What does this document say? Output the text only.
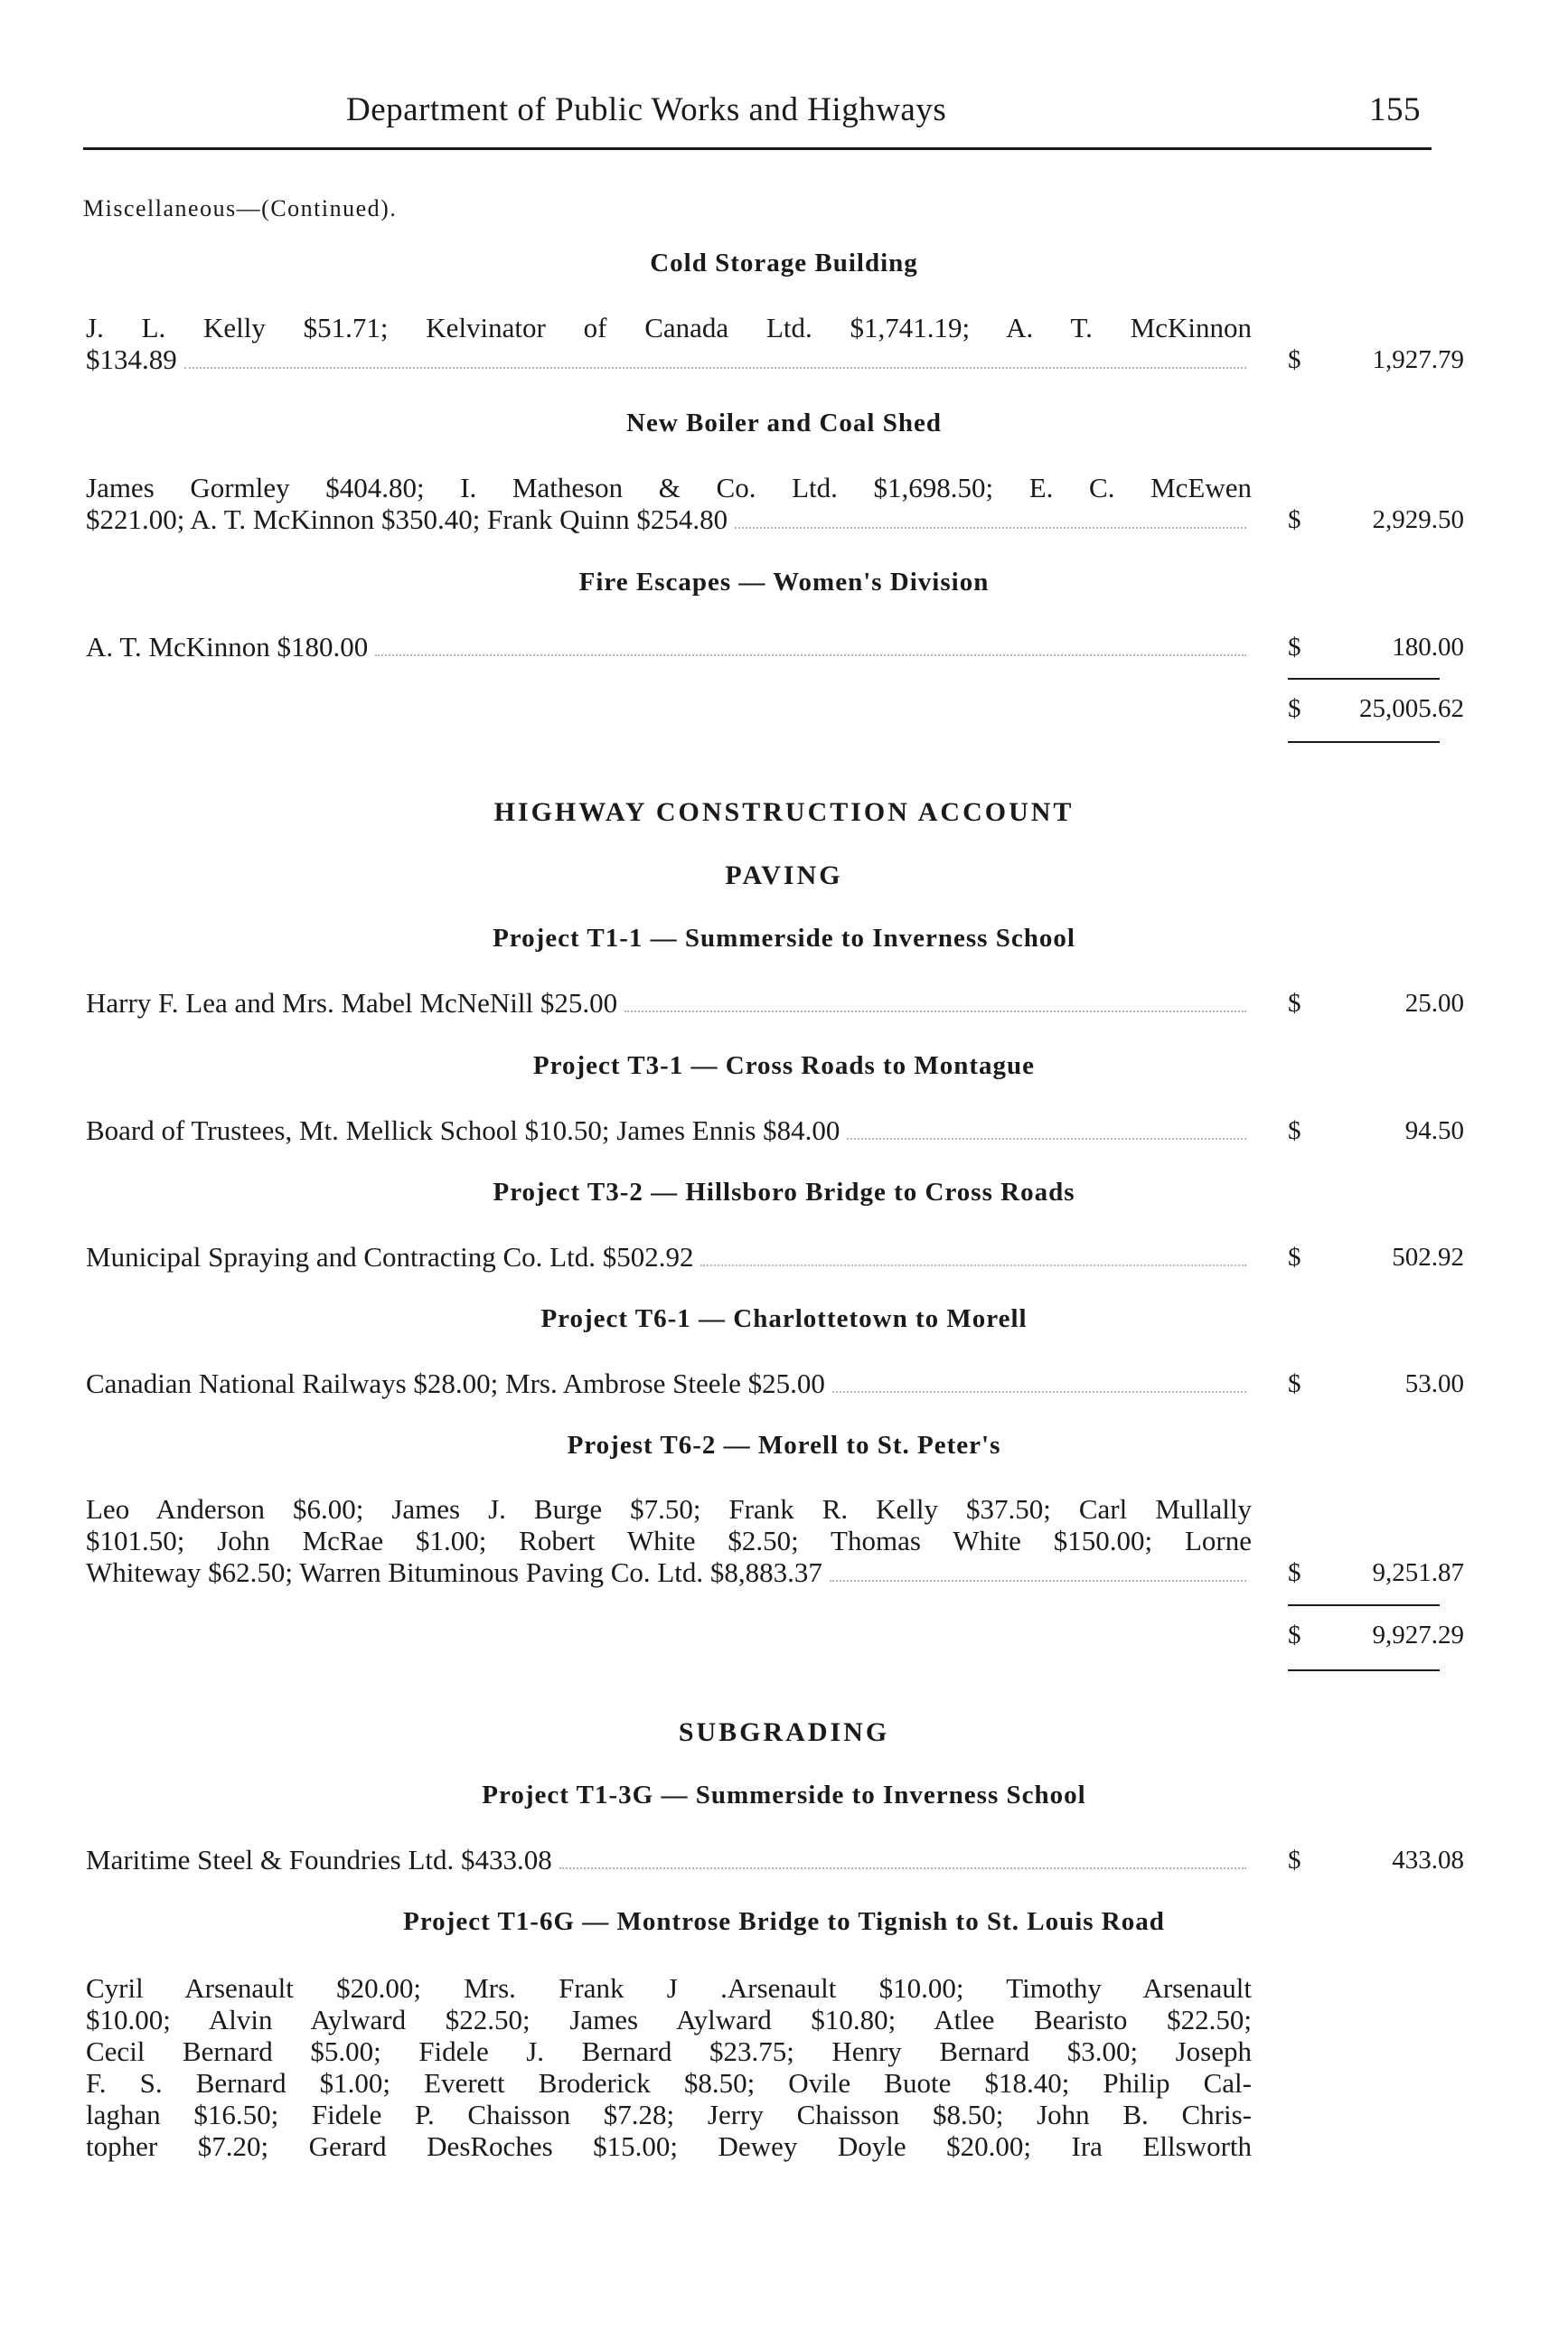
Department of Public Works and Highways	155
Miscellaneous—(Continued).
Cold Storage Building
J. L. Kelly $51.71; Kelvinator of Canada Ltd. $1,741.19; A. T. McKinnon
$134.89	$	1,927.79
New Boiler and Coal Shed
James Gormley $404.80; I. Matheson & Co. Ltd. $1,698.50; E. C. McEwen
$221.00; A. T. McKinnon $350.40; Frank Quinn $254.80	$	2,929.50
Fire Escapes — Women's Division
A. T. McKinnon $180.00	$	180.00
$ 25,005.62
HIGHWAY CONSTRUCTION ACCOUNT
PAVING
Project T1-1 — Summerside to Inverness School
Harry F. Lea and Mrs. Mabel McNeNill $25.00	$	25.00
Project T3-1 — Cross Roads to Montague
Board of Trustees, Mt. Mellick School $10.50; James Ennis $84.00	$	94.50
Project T3-2 — Hillsboro Bridge to Cross Roads
Municipal Spraying and Contracting Co. Ltd. $502.92	$	502.92
Project T6-1 — Charlottetown to Morell
Canadian National Railways $28.00; Mrs. Ambrose Steele $25.00	$	53.00
Projest T6-2 — Morell to St. Peter's
Leo Anderson $6.00; James J. Burge $7.50; Frank R. Kelly $37.50; Carl Mullally
$101.50; John McRae $1.00; Robert White $2.50; Thomas White $150.00; Lorne
Whiteway $62.50; Warren Bituminous Paving Co. Ltd. $8,883.37	$	9,251.87
$	9,927.29
SUBGRADING
Project T1-3G — Summerside to Inverness School
Maritime Steel & Foundries Ltd. $433.08	$	433.08
Project T1-6G — Montrose Bridge to Tignish to St. Louis Road
Cyril Arsenault $20.00; Mrs. Frank J .Arsenault $10.00; Timothy Arsenault
$10.00; Alvin Aylward $22.50; James Aylward $10.80; Atlee Bearisto $22.50;
Cecil Bernard $5.00; Fidele J. Bernard $23.75; Henry Bernard $3.00; Joseph
F. S. Bernard $1.00; Everett Broderick $8.50; Ovile Buote $18.40; Philip Cal-
laghan $16.50; Fidele P. Chaisson $7.28; Jerry Chaisson $8.50; John B. Chris-
topher $7.20; Gerard DesRoches $15.00; Dewey Doyle $20.00; Ira Ellsworth
